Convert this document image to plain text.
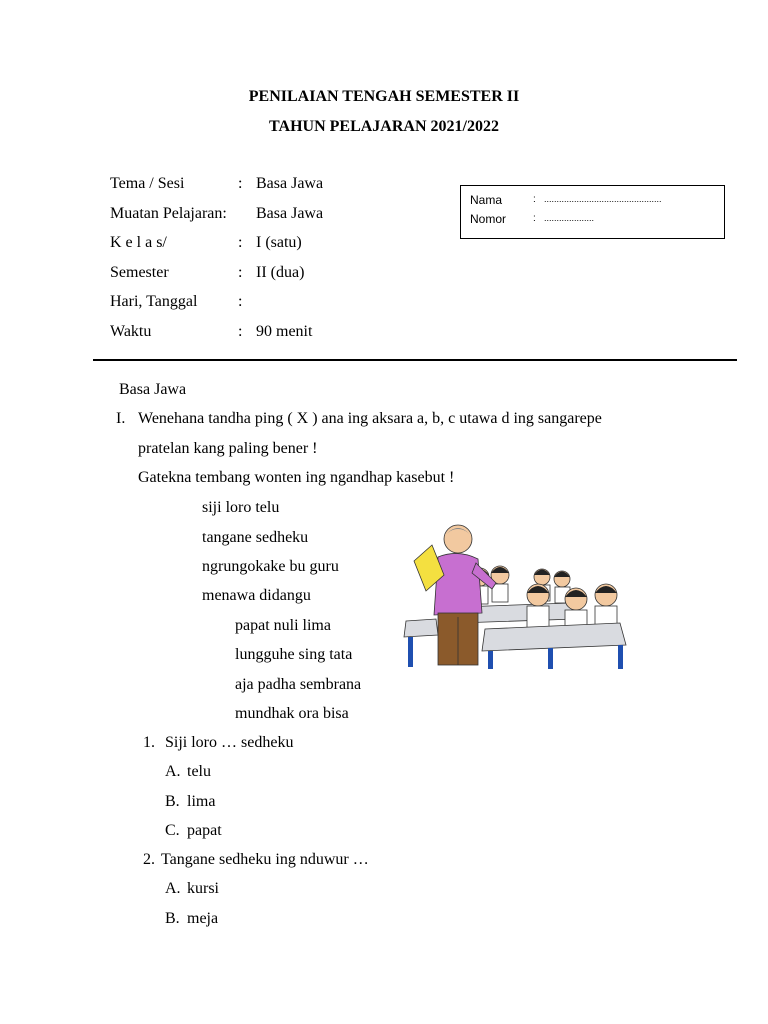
PENILAIAN TENGAH SEMESTER II
TAHUN PELAJARAN 2021/2022
Tema / Sesi	: Basa Jawa
Muatan Pelajaran: Basa Jawa
K e l a s/	: I (satu)
Semester	: II (dua)
Hari, Tanggal	:
Waktu	: 90 menit
Nama	: ...............................................
Nomor	: ....................
Basa Jawa
I. Wenehana tandha ping ( X ) ana ing aksara a, b, c utawa d ing sangarepe
pratelan kang paling bener !
Gatekna tembang wonten ing ngandhap kasebut !
siji loro telu
tangane sedheku
ngrungokake bu guru
menawa didangu
papat nuli lima
lungguhe sing tata
aja padha sembrana
mundhak ora bisa
1. Siji loro … sedheku
A. telu
B. lima
C. papat
2. Tangane sedheku ing nduwur …
A. kursi
B. meja
